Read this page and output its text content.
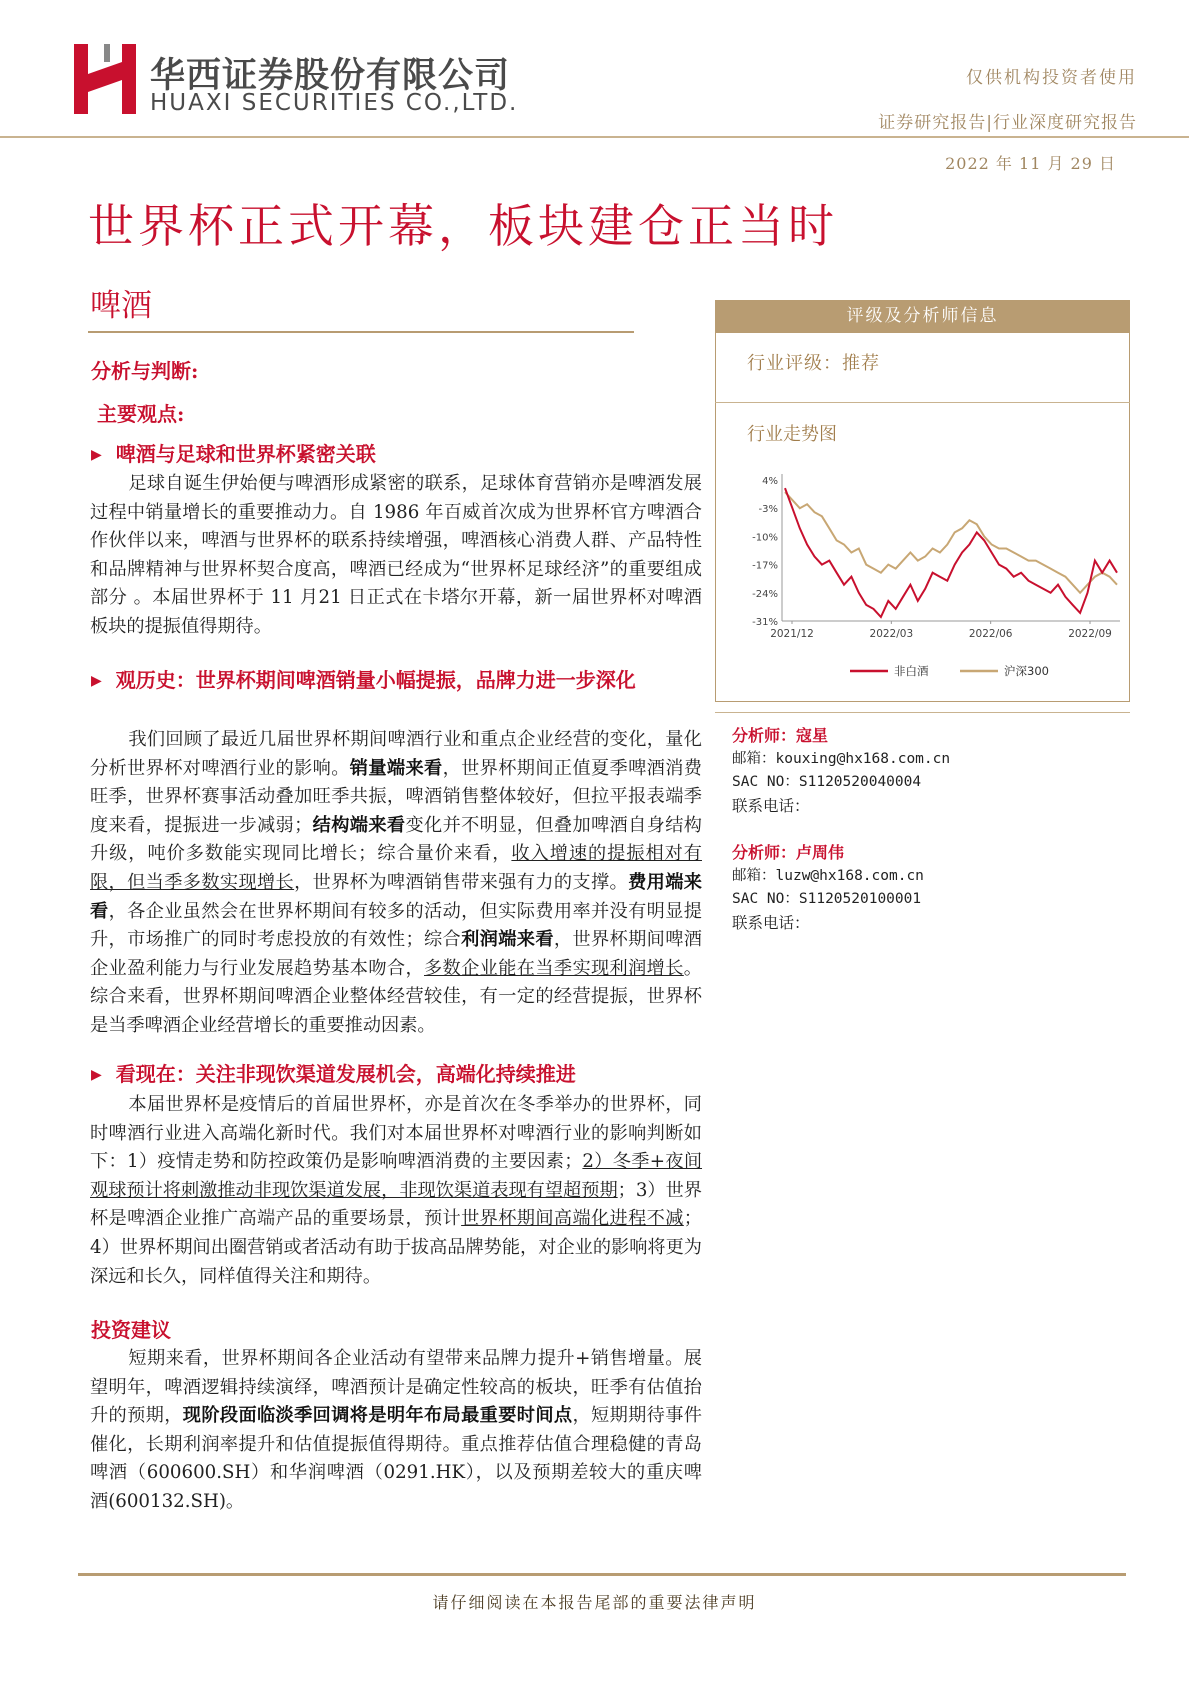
华西证券股份有限公司
HUAXI SECURITIES CO.,LTD.
仅供机构投资者使用
证券研究报告|行业深度研究报告
2022 年 11 月 29 日
世界杯正式开幕，板块建仓正当时
啤酒
分析与判断:
主要观点:
▶ 啤酒与足球和世界杯紧密关联

足球自诞生伊始便与啤酒形成紧密的联系，足球体育营销亦是啤酒发展过程中销量增长的重要推动力。自 1986 年百威首次成为世界杯官方啤酒合作伙伴以来，啤酒与世界杯的联系持续增强，啤酒核心消费人群、产品特性和品牌精神与世界杯契合度高，啤酒已经成为“世界杯足球经济”的重要组成部分 。本届世界杯于 11 月21 日正式在卡塔尔开幕，新一届世界杯对啤酒板块的提振值得期待。

▶ 观历史：世界杯期间啤酒销量小幅提振，品牌力进一步深化

我们回顾了最近几届世界杯期间啤酒行业和重点企业经营的变化，量化分析世界杯对啤酒行业的影响。销量端来看，世界杯期间正值夏季啤酒消费旺季，世界杯赛事活动叠加旺季共振，啤酒销售整体较好，但拉平报表端季度来看，提振进一步减弱；结构端来看变化并不明显，但叠加啤酒自身结构升级，吨价多数能实现同比增长；综合量价来看，收入增速的提振相对有限，但当季多数实现增长，世界杯为啤酒销售带来强有力的支撑。费用端来看，各企业虽然会在世界杯期间有较多的活动，但实际费用率并没有明显提升，市场推广的同时考虑投放的有效性；综合利润端来看，世界杯期间啤酒企业盈利能力与行业发展趋势基本吻合，多数企业能在当季实现利润增长。综合来看，世界杯期间啤酒企业整体经营较佳，有一定的经营提振，世界杯是当季啤酒企业经营增长的重要推动因素。

▶ 看现在：关注非现饮渠道发展机会，高端化持续推进

本届世界杯是疫情后的首届世界杯，亦是首次在冬季举办的世界杯，同时啤酒行业进入高端化新时代。我们对本届世界杯对啤酒行业的影响判断如下：1）疫情走势和防控政策仍是影响啤酒消费的主要因素；2）冬季+夜间观球预计将刺激推动非现饮渠道发展，非现饮渠道表现有望超预期；3）世界杯是啤酒企业推广高端产品的重要场景，预计世界杯期间高端化进程不减；4）世界杯期间出圈营销或者活动有助于拔高品牌势能，对企业的影响将更为深远和长久，同样值得关注和期待。

投资建议

短期来看，世界杯期间各企业活动有望带来品牌力提升+销售增量。展望明年，啤酒逻辑持续演绎，啤酒预计是确定性较高的板块，旺季有估值抬升的预期，现阶段面临淡季回调将是明年布局最重要时间点，短期期待事件催化，长期利润率提升和估值提振值得期待。重点推荐估值合理稳健的青岛啤酒（600600.SH）和华润啤酒（0291.HK），以及预期差较大的重庆啤酒(600132.SH)。

评级及分析师信息
行业评级：推荐
行业走势图
4%
-3%
-10%
-17%
-24%
-31%
2021/12	2022/03	2022/06	2022/09
非白酒	沪深300
分析师：寇星
邮箱：kouxing@hx168.com.cn
SAC NO：S1120520040004
联系电话：
分析师：卢周伟
邮箱：luzw@hx168.com.cn
SAC NO：S1120520100001
联系电话：
请仔细阅读在本报告尾部的重要法律声明
